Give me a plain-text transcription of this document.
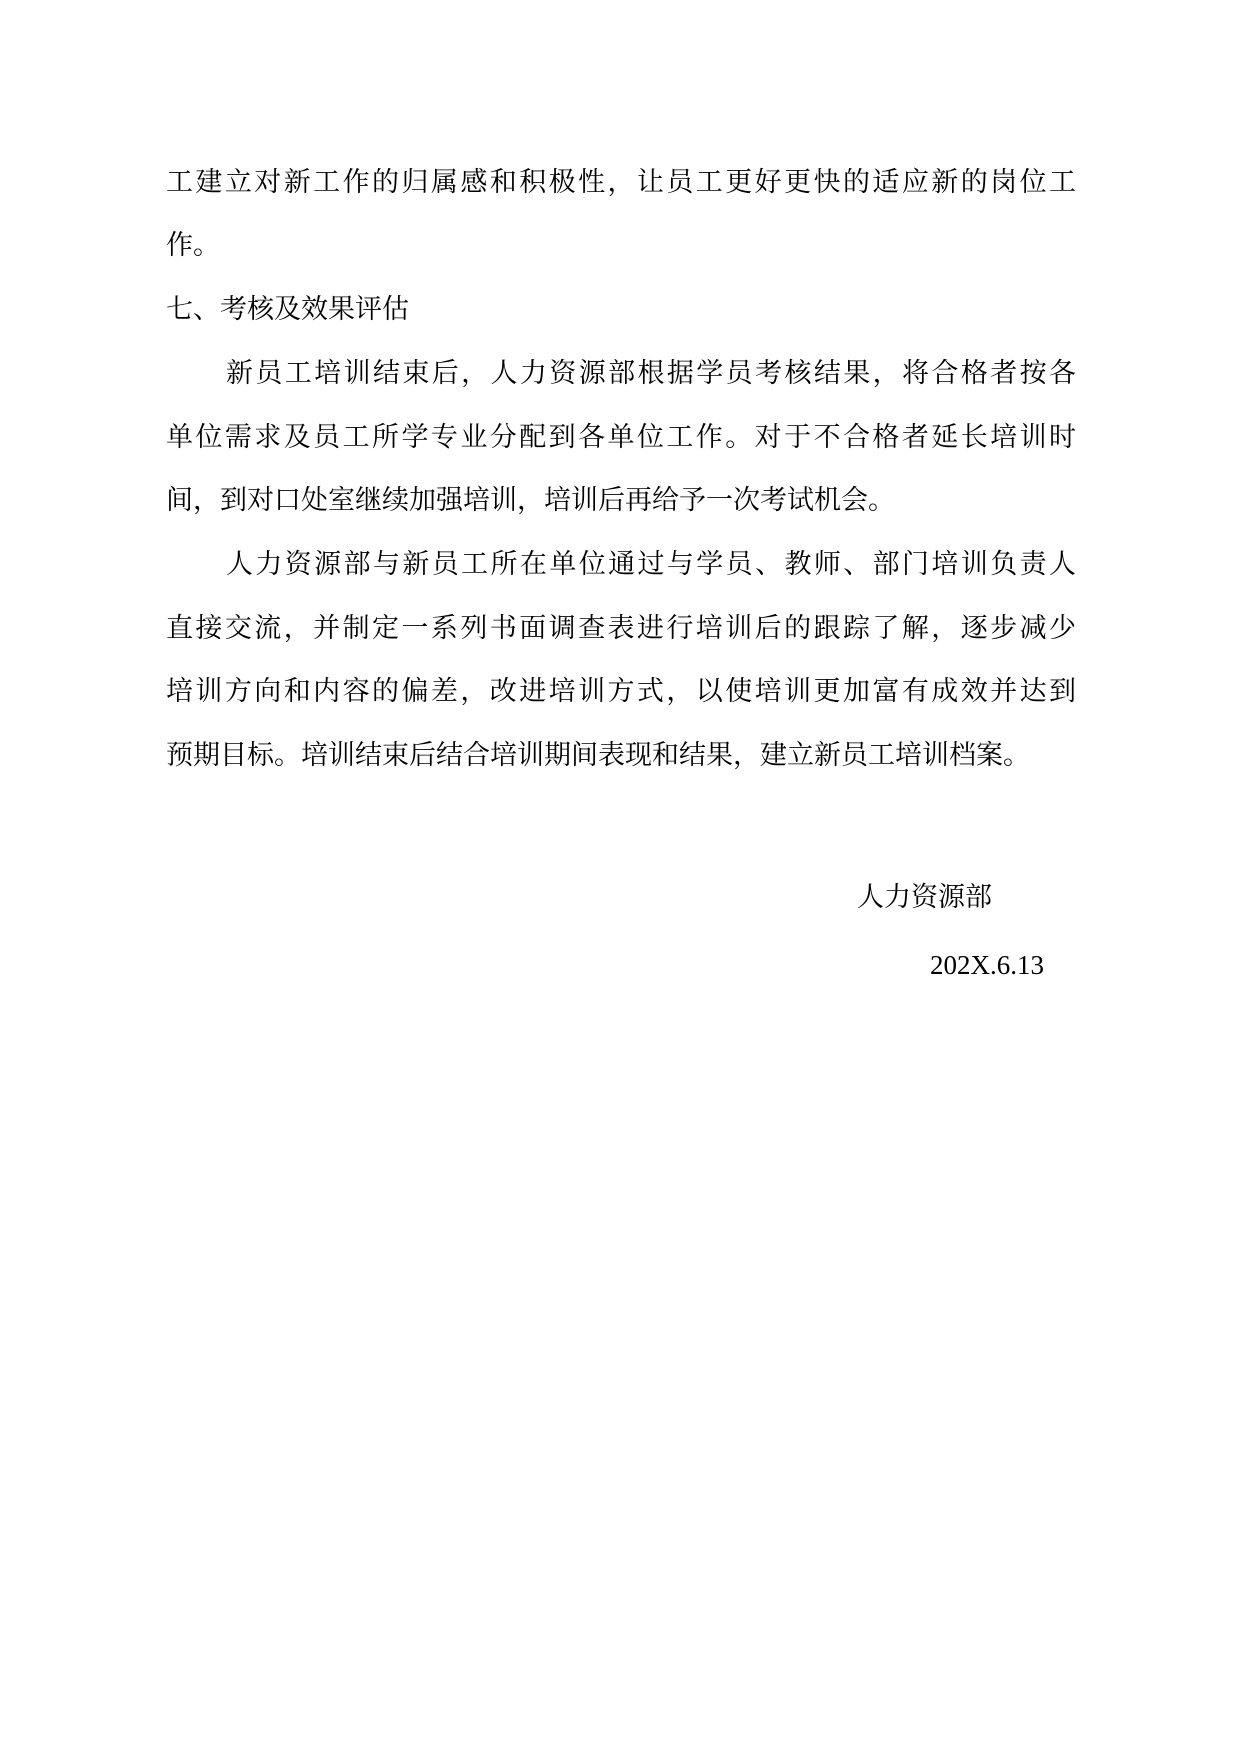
工建立对新工作的归属感和积极性，让员工更好更快的适应新的岗位工
作。
七、考核及效果评估
新员工培训结束后，人力资源部根据学员考核结果，将合格者按各
单位需求及员工所学专业分配到各单位工作。对于不合格者延长培训时
间，到对口处室继续加强培训，培训后再给予一次考试机会。
人力资源部与新员工所在单位通过与学员、教师、部门培训负责人
直接交流，并制定一系列书面调查表进行培训后的跟踪了解，逐步减少
培训方向和内容的偏差，改进培训方式，以使培训更加富有成效并达到
预期目标。培训结束后结合培训期间表现和结果，建立新员工培训档案。
人力资源部
202X.6.13
